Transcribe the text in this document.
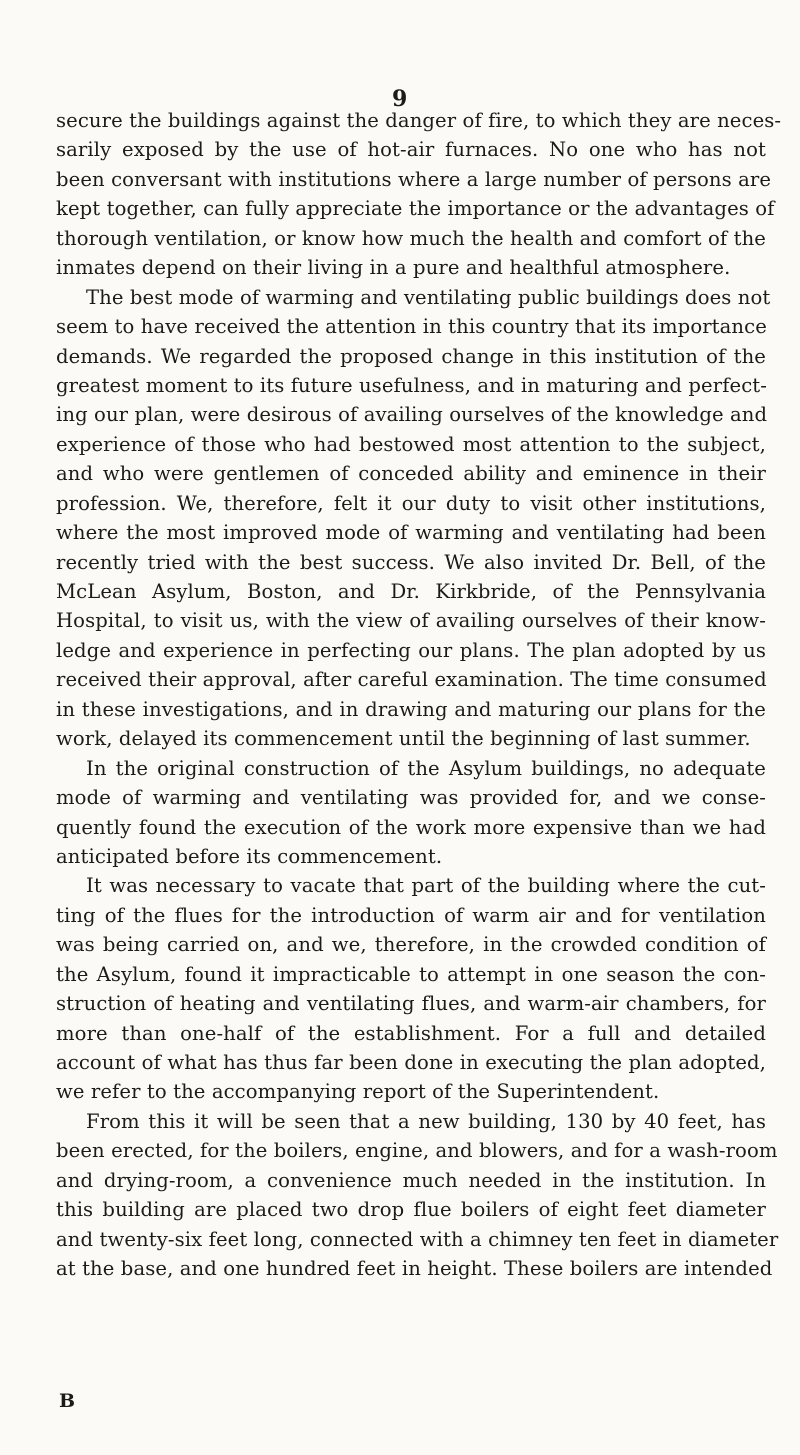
9
secure the buildings against the danger of fire, to which they are neces-
sarily exposed by the use of hot-air furnaces. No one who has not
been conversant with institutions where a large number of persons are
kept together, can fully appreciate the importance or the advantages of
thorough ventilation, or know how much the health and comfort of the
inmates depend on their living in a pure and healthful atmosphere.
The best mode of warming and ventilating public buildings does not
seem to have received the attention in this country that its importance
demands. We regarded the proposed change in this institution of the
greatest moment to its future usefulness, and in maturing and perfect-
ing our plan, were desirous of availing ourselves of the knowledge and
experience of those who had bestowed most attention to the subject,
and who were gentlemen of conceded ability and eminence in their
profession. We, therefore, felt it our duty to visit other institutions,
where the most improved mode of warming and ventilating had been
recently tried with the best success. We also invited Dr. Bell, of the
McLean Asylum, Boston, and Dr. Kirkbride, of the Pennsylvania
Hospital, to visit us, with the view of availing ourselves of their know-
ledge and experience in perfecting our plans. The plan adopted by us
received their approval, after careful examination. The time consumed
in these investigations, and in drawing and maturing our plans for the
work, delayed its commencement until the beginning of last summer.
In the original construction of the Asylum buildings, no adequate
mode of warming and ventilating was provided for, and we conse-
quently found the execution of the work more expensive than we had
anticipated before its commencement.
It was necessary to vacate that part of the building where the cut-
ting of the flues for the introduction of warm air and for ventilation
was being carried on, and we, therefore, in the crowded condition of
the Asylum, found it impracticable to attempt in one season the con-
struction of heating and ventilating flues, and warm-air chambers, for
more than one-half of the establishment. For a full and detailed
account of what has thus far been done in executing the plan adopted,
we refer to the accompanying report of the Superintendent.
From this it will be seen that a new building, 130 by 40 feet, has
been erected, for the boilers, engine, and blowers, and for a wash-room
and drying-room, a convenience much needed in the institution. In
this building are placed two drop flue boilers of eight feet diameter
and twenty-six feet long, connected with a chimney ten feet in diameter
at the base, and one hundred feet in height. These boilers are intended
B
